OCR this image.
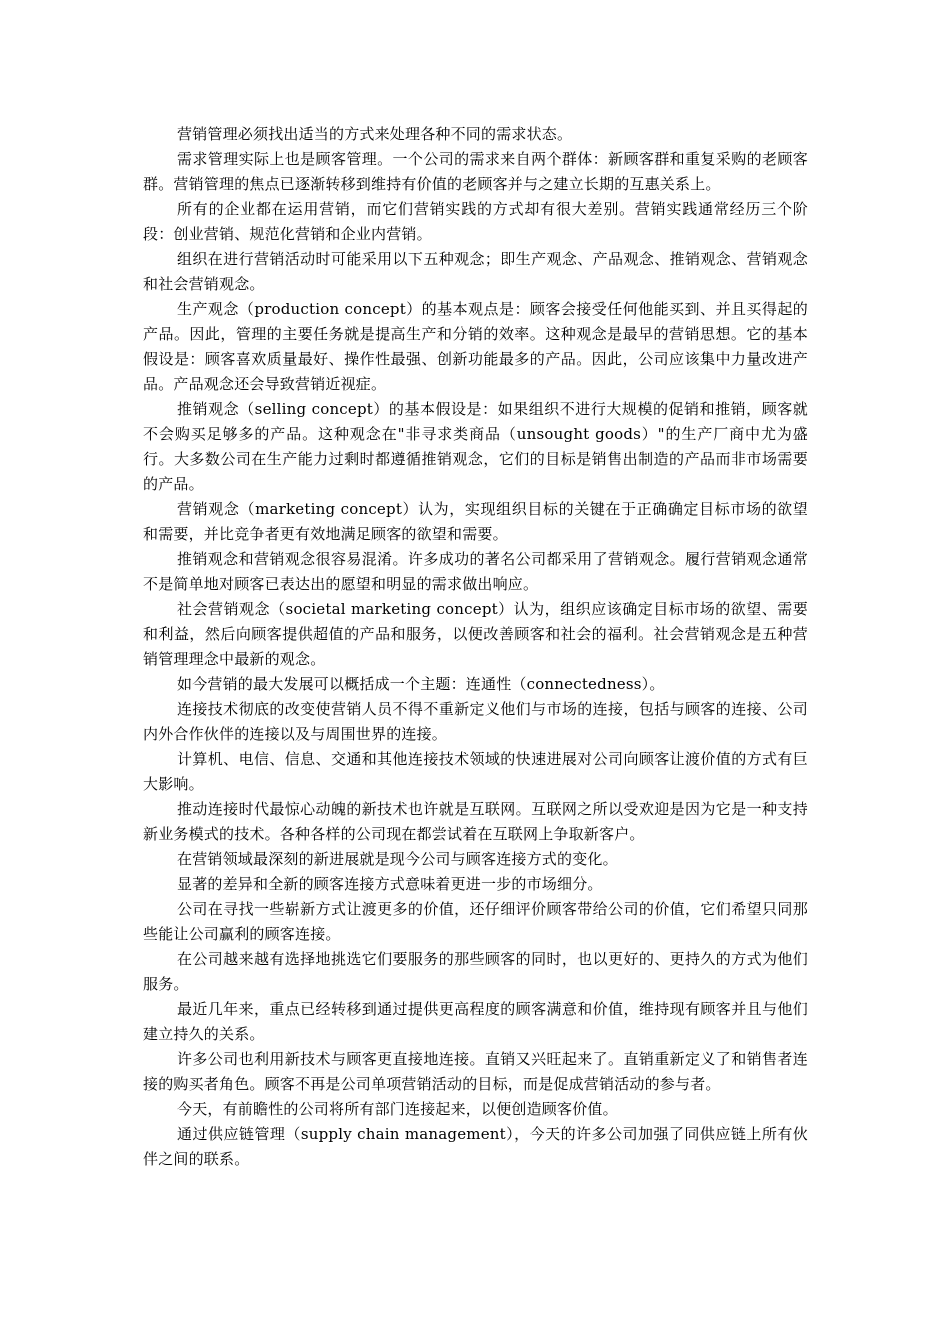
营销管理必须找出适当的方式来处理各种不同的需求状态。

需求管理实际上也是顾客管理。一个公司的需求来自两个群体：新顾客群和重复采购的老顾客群。营销管理的焦点已逐渐转移到维持有价值的老顾客并与之建立长期的互惠关系上。

所有的企业都在运用营销，而它们营销实践的方式却有很大差别。营销实践通常经历三个阶段：创业营销、规范化营销和企业内营销。

组织在进行营销活动时可能采用以下五种观念；即生产观念、产品观念、推销观念、营销观念和社会营销观念。

生产观念（production concept）的基本观点是：顾客会接受任何他能买到、并且买得起的产品。因此，管理的主要任务就是提高生产和分销的效率。这种观念是最早的营销思想。它的基本假设是：顾客喜欢质量最好、操作性最强、创新功能最多的产品。因此，公司应该集中力量改进产品。产品观念还会导致营销近视症。

推销观念（selling concept）的基本假设是：如果组织不进行大规模的促销和推销，顾客就不会购买足够多的产品。这种观念在"非寻求类商品（unsought goods）"的生产厂商中尤为盛行。大多数公司在生产能力过剩时都遵循推销观念，它们的目标是销售出制造的产品而非市场需要的产品。

营销观念（marketing concept）认为，实现组织目标的关键在于正确确定目标市场的欲望和需要，并比竞争者更有效地满足顾客的欲望和需要。

推销观念和营销观念很容易混淆。许多成功的著名公司都采用了营销观念。履行营销观念通常不是简单地对顾客已表达出的愿望和明显的需求做出响应。

社会营销观念（societal marketing concept）认为，组织应该确定目标市场的欲望、需要和利益，然后向顾客提供超值的产品和服务，以便改善顾客和社会的福利。社会营销观念是五种营销管理理念中最新的观念。

如今营销的最大发展可以概括成一个主题：连通性（connectedness）。

连接技术彻底的改变使营销人员不得不重新定义他们与市场的连接，包括与顾客的连接、公司内外合作伙伴的连接以及与周围世界的连接。

计算机、电信、信息、交通和其他连接技术领域的快速进展对公司向顾客让渡价值的方式有巨大影响。

推动连接时代最惊心动魄的新技术也许就是互联网。互联网之所以受欢迎是因为它是一种支持新业务模式的技术。各种各样的公司现在都尝试着在互联网上争取新客户。

在营销领域最深刻的新进展就是现今公司与顾客连接方式的变化。

显著的差异和全新的顾客连接方式意味着更进一步的市场细分。

公司在寻找一些崭新方式让渡更多的价值，还仔细评价顾客带给公司的价值，它们希望只同那些能让公司赢利的顾客连接。

在公司越来越有选择地挑选它们要服务的那些顾客的同时，也以更好的、更持久的方式为他们服务。

最近几年来，重点已经转移到通过提供更高程度的顾客满意和价值，维持现有顾客并且与他们建立持久的关系。

许多公司也利用新技术与顾客更直接地连接。直销又兴旺起来了。直销重新定义了和销售者连接的购买者角色。顾客不再是公司单项营销活动的目标，而是促成营销活动的参与者。

今天，有前瞻性的公司将所有部门连接起来，以便创造顾客价值。

通过供应链管理（supply chain management），今天的许多公司加强了同供应链上所有伙伴之间的联系。
